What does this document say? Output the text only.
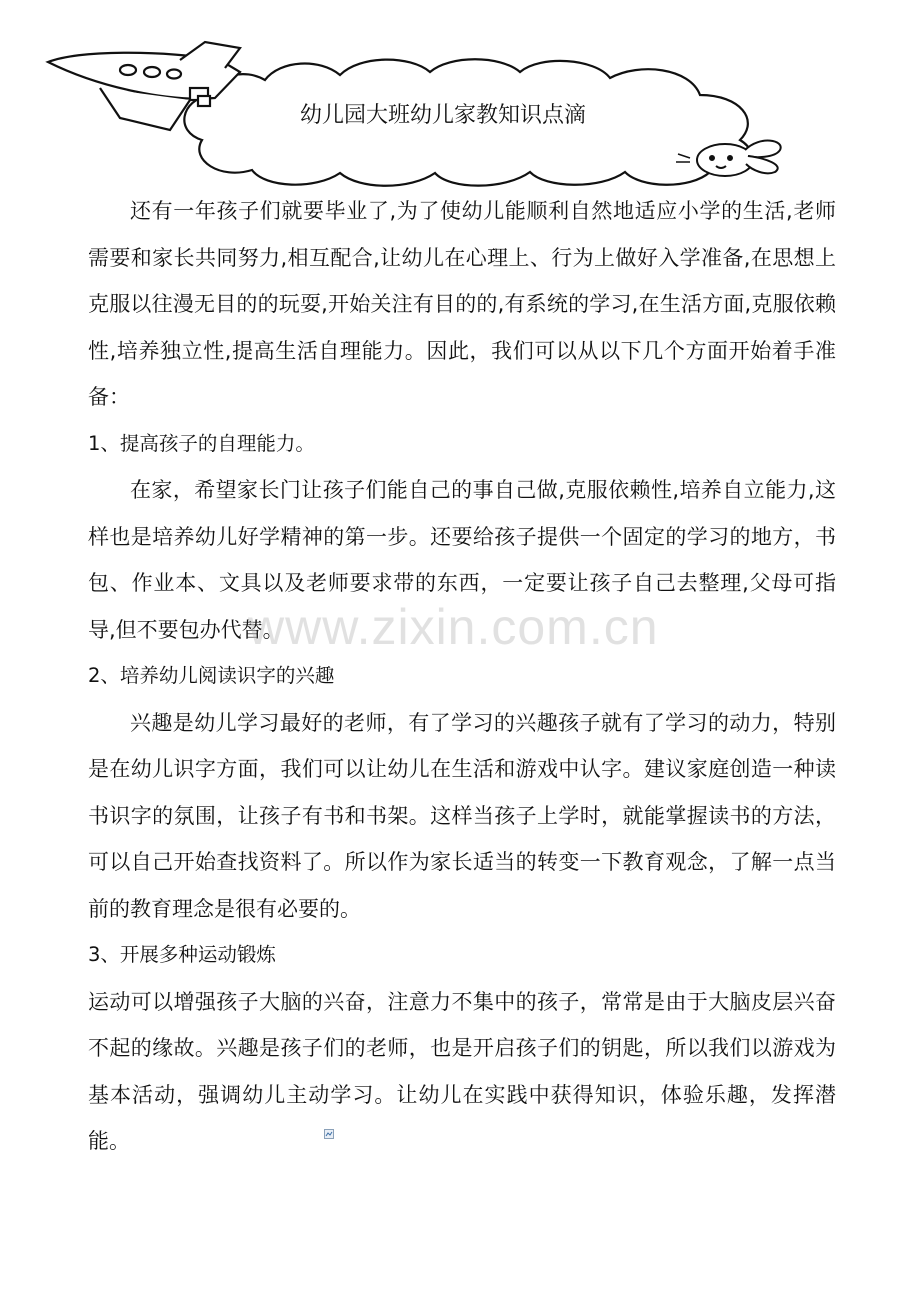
幼儿园大班幼儿家教知识点滴

还有一年孩子们就要毕业了,为了使幼儿能顺利自然地适应小学的生活,老师需要和家长共同努力,相互配合,让幼儿在心理上、行为上做好入学准备,在思想上克服以往漫无目的的玩耍,开始关注有目的的,有系统的学习,在生活方面,克服依赖性,培养独立性,提高生活自理能力。因此，我们可以从以下几个方面开始着手准备：

1、提高孩子的自理能力。

在家，希望家长门让孩子们能自己的事自己做,克服依赖性,培养自立能力,这样也是培养幼儿好学精神的第一步。还要给孩子提供一个固定的学习的地方，书包、作业本、文具以及老师要求带的东西，一定要让孩子自己去整理,父母可指导,但不要包办代替。

2、培养幼儿阅读识字的兴趣

兴趣是幼儿学习最好的老师，有了学习的兴趣孩子就有了学习的动力，特别是在幼儿识字方面，我们可以让幼儿在生活和游戏中认字。建议家庭创造一种读书识字的氛围，让孩子有书和书架。这样当孩子上学时，就能掌握读书的方法，可以自己开始查找资料了。所以作为家长适当的转变一下教育观念，了解一点当前的教育理念是很有必要的。

3、开展多种运动锻炼

运动可以增强孩子大脑的兴奋，注意力不集中的孩子，常常是由于大脑皮层兴奋不起的缘故。兴趣是孩子们的老师，也是开启孩子们的钥匙，所以我们以游戏为基本活动，强调幼儿主动学习。让幼儿在实践中获得知识，体验乐趣，发挥潜能。

www.zixin.com.cn
